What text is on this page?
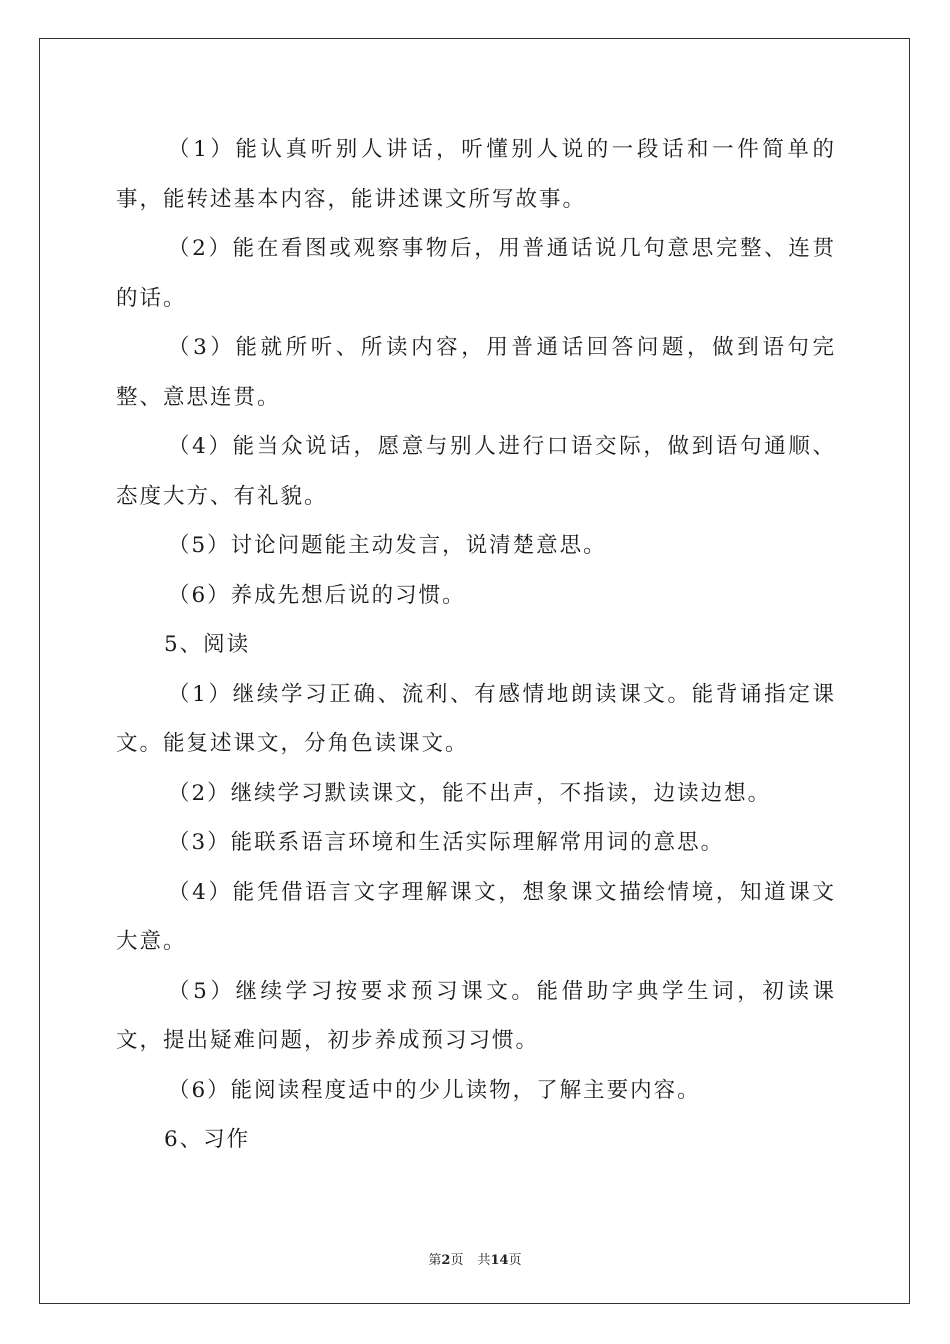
（1）能认真听别人讲话，听懂别人说的一段话和一件简单的事，能转述基本内容，能讲述课文所写故事。

（2）能在看图或观察事物后，用普通话说几句意思完整、连贯的话。

（3）能就所听、所读内容，用普通话回答问题，做到语句完整、意思连贯。

（4）能当众说话，愿意与别人进行口语交际，做到语句通顺、态度大方、有礼貌。

（5）讨论问题能主动发言，说清楚意思。

（6）养成先想后说的习惯。

5、阅读

（1）继续学习正确、流利、有感情地朗读课文。能背诵指定课文。能复述课文，分角色读课文。

（2）继续学习默读课文，能不出声，不指读，边读边想。

（3）能联系语言环境和生活实际理解常用词的意思。

（4）能凭借语言文字理解课文，想象课文描绘情境，知道课文大意。

（5）继续学习按要求预习课文。能借助字典学生词，初读课文，提出疑难问题，初步养成预习习惯。

（6）能阅读程度适中的少儿读物，了解主要内容。

6、习作

第2页 共14页
